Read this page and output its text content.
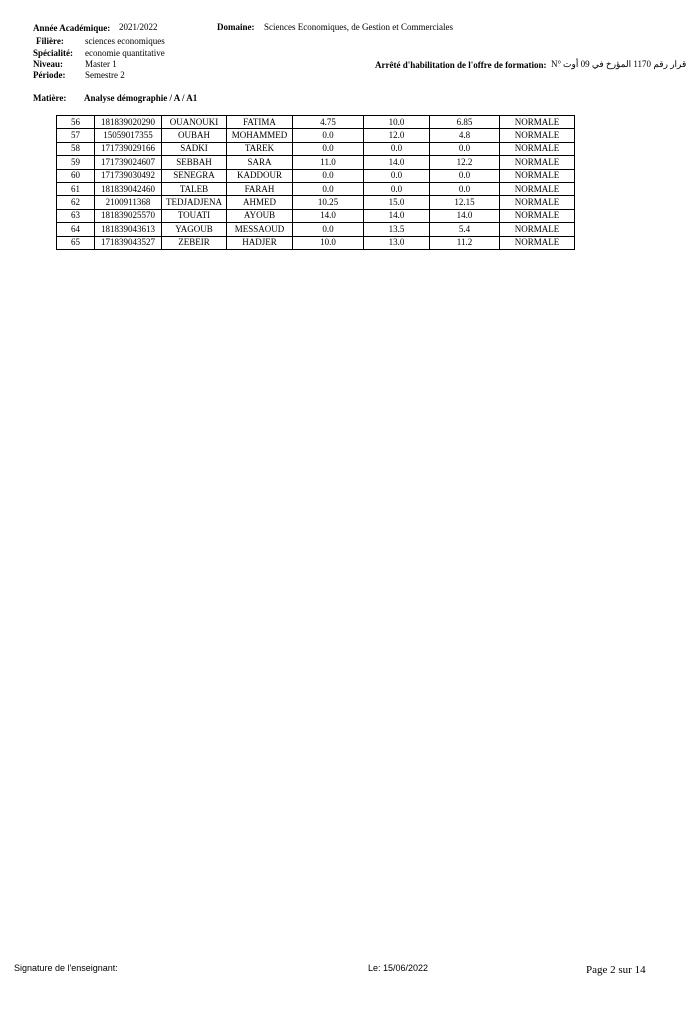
Année Académique: 2021/2022	Domaine: Sciences Economiques, de Gestion et Commerciales
Filière: sciences economiques
Spécialité: economie quantitative
Niveau: Master 1	Arrêté d'habilitation de l'offre de formation: N° قرار رقم 1170 المؤرخ في 09 أوت
Période: Semestre 2
Matière: Analyse démographie / A / A1
56	181839020290	OUANOUKI	FATIMA	4.75	10.0	6.85	NORMALE
57	15059017355	OUBAH	MOHAMMED	0.0	12.0	4.8	NORMALE
58	171739029166	SADKI	TAREK	0.0	0.0	0.0	NORMALE
59	171739024607	SEBBAH	SARA	11.0	14.0	12.2	NORMALE
60	171739030492	SENEGRA	KADDOUR	0.0	0.0	0.0	NORMALE
61	181839042460	TALEB	FARAH	0.0	0.0	0.0	NORMALE
62	2100911368	TEDJADJENA	AHMED	10.25	15.0	12.15	NORMALE
63	181839025570	TOUATI	AYOUB	14.0	14.0	14.0	NORMALE
64	181839043613	YAGOUB	MESSAOUD	0.0	13.5	5.4	NORMALE
65	171839043527	ZEBEIR	HADJER	10.0	13.0	11.2	NORMALE
Signature de l'enseignant:	Le: 15/06/2022	Page 2 sur 14
